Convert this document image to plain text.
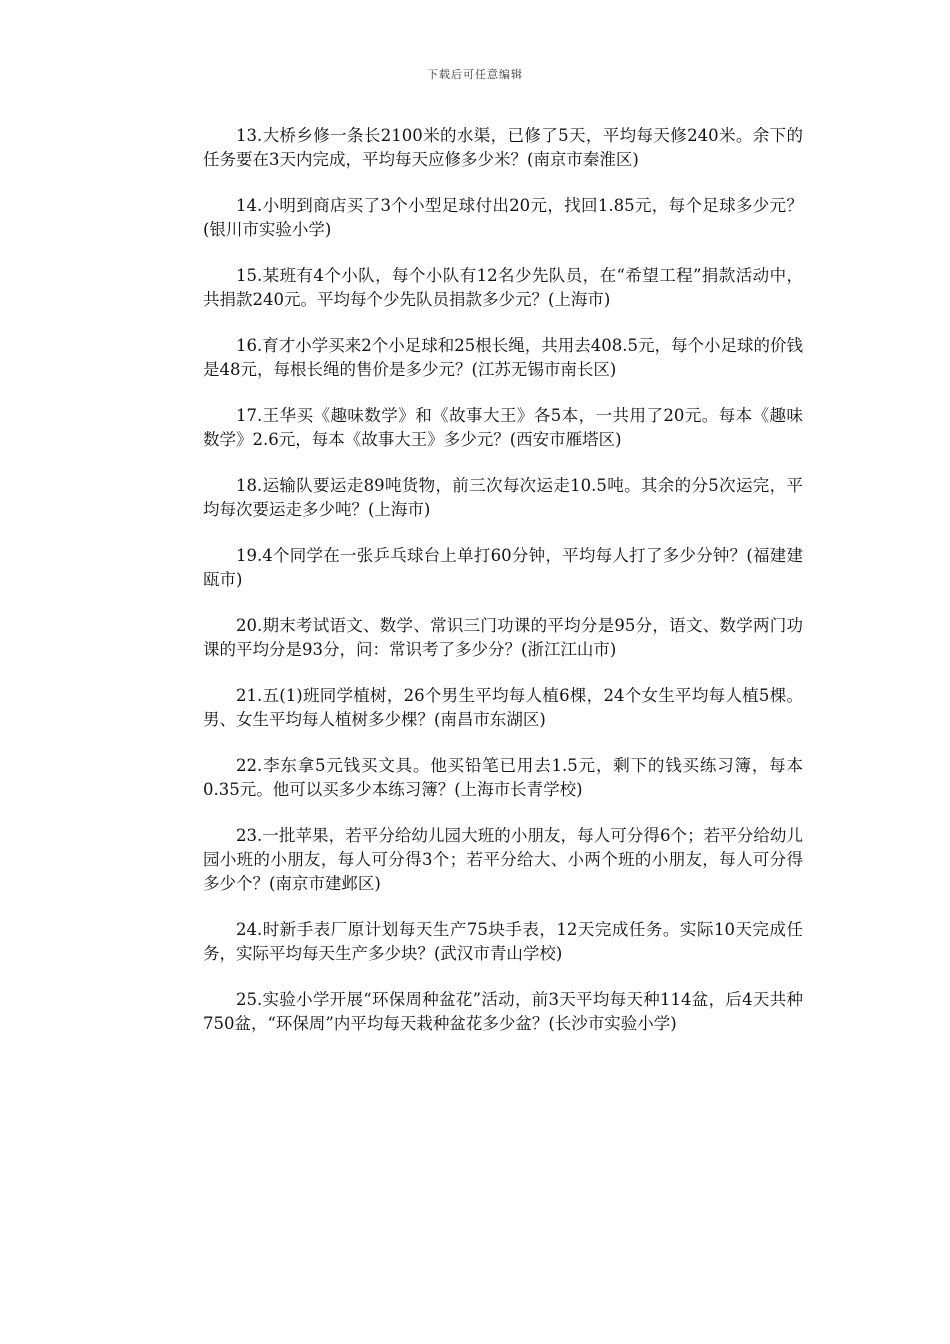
下载后可任意编辑

13.大桥乡修一条长2100米的水渠，已修了5天，平均每天修240米。余下的任务要在3天内完成，平均每天应修多少米？(南京市秦淮区)

14.小明到商店买了3个小型足球付出20元，找回1.85元，每个足球多少元？(银川市实验小学)

15.某班有4个小队，每个小队有12名少先队员，在“希望工程”捐款活动中，共捐款240元。平均每个少先队员捐款多少元？(上海市)

16.育才小学买来2个小足球和25根长绳，共用去408.5元，每个小足球的价钱是48元，每根长绳的售价是多少元？(江苏无锡市南长区)

17.王华买《趣味数学》和《故事大王》各5本，一共用了20元。每本《趣味数学》2.6元，每本《故事大王》多少元？(西安市雁塔区)

18.运输队要运走89吨货物，前三次每次运走10.5吨。其余的分5次运完，平均每次要运走多少吨？(上海市)

19.4个同学在一张乒乓球台上单打60分钟，平均每人打了多少分钟？(福建建瓯市)

20.期末考试语文、数学、常识三门功课的平均分是95分，语文、数学两门功课的平均分是93分，问：常识考了多少分？(浙江江山市)

21.五(1)班同学植树，26个男生平均每人植6棵，24个女生平均每人植5棵。男、女生平均每人植树多少棵？(南昌市东湖区)

22.李东拿5元钱买文具。他买铅笔已用去1.5元，剩下的钱买练习簿，每本0.35元。他可以买多少本练习簿？(上海市长青学校)

23.一批苹果，若平分给幼儿园大班的小朋友，每人可分得6个；若平分给幼儿园小班的小朋友，每人可分得3个；若平分给大、小两个班的小朋友，每人可分得多少个？(南京市建邺区)

24.时新手表厂原计划每天生产75块手表，12天完成任务。实际10天完成任务，实际平均每天生产多少块？(武汉市青山学校)

25.实验小学开展“环保周种盆花”活动，前3天平均每天种114盆，后4天共种750盆，“环保周”内平均每天栽种盆花多少盆？(长沙市实验小学)
